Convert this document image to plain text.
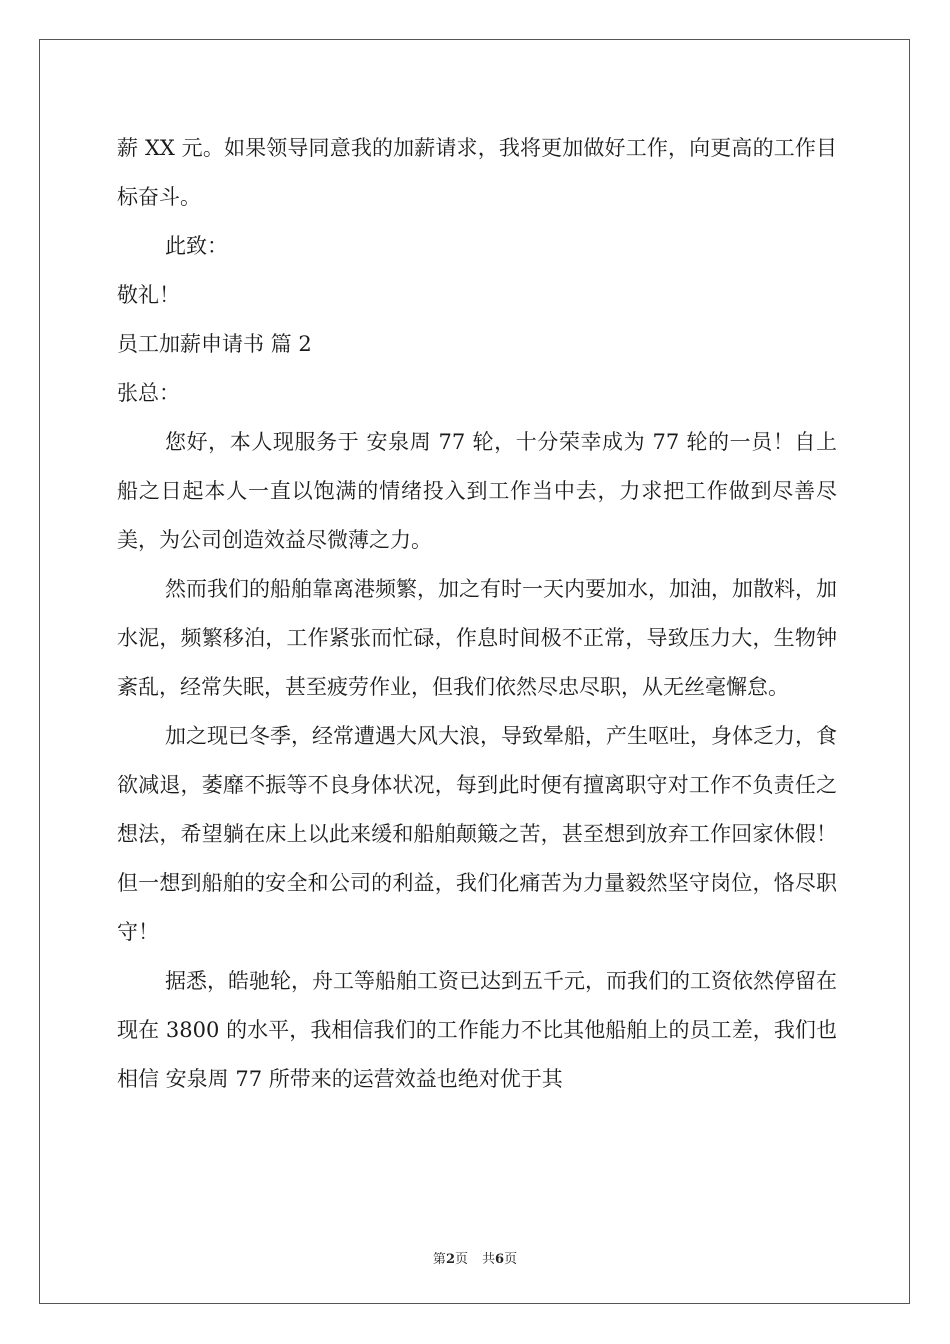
薪 XX 元。如果领导同意我的加薪请求，我将更加做好工作，向更高的工作目标奋斗。

此致：

敬礼！

员工加薪申请书 篇 2

张总：

您好，本人现服务于 安泉周 77 轮，十分荣幸成为 77 轮的一员！自上船之日起本人一直以饱满的情绪投入到工作当中去，力求把工作做到尽善尽美，为公司创造效益尽微薄之力。

然而我们的船舶靠离港频繁，加之有时一天内要加水，加油，加散料，加水泥，频繁移泊，工作紧张而忙碌，作息时间极不正常，导致压力大，生物钟紊乱，经常失眠，甚至疲劳作业，但我们依然尽忠尽职，从无丝毫懈怠。

加之现已冬季，经常遭遇大风大浪，导致晕船，产生呕吐，身体乏力，食欲减退，萎靡不振等不良身体状况，每到此时便有擅离职守对工作不负责任之想法，希望躺在床上以此来缓和船舶颠簸之苦，甚至想到放弃工作回家休假！但一想到船舶的安全和公司的利益，我们化痛苦为力量毅然坚守岗位，恪尽职守！

据悉，皓驰轮，舟工等船舶工资已达到五千元，而我们的工资依然停留在现在 3800 的水平，我相信我们的工作能力不比其他船舶上的员工差，我们也相信 安泉周 77 所带来的运营效益也绝对优于其

第2页 共6页
